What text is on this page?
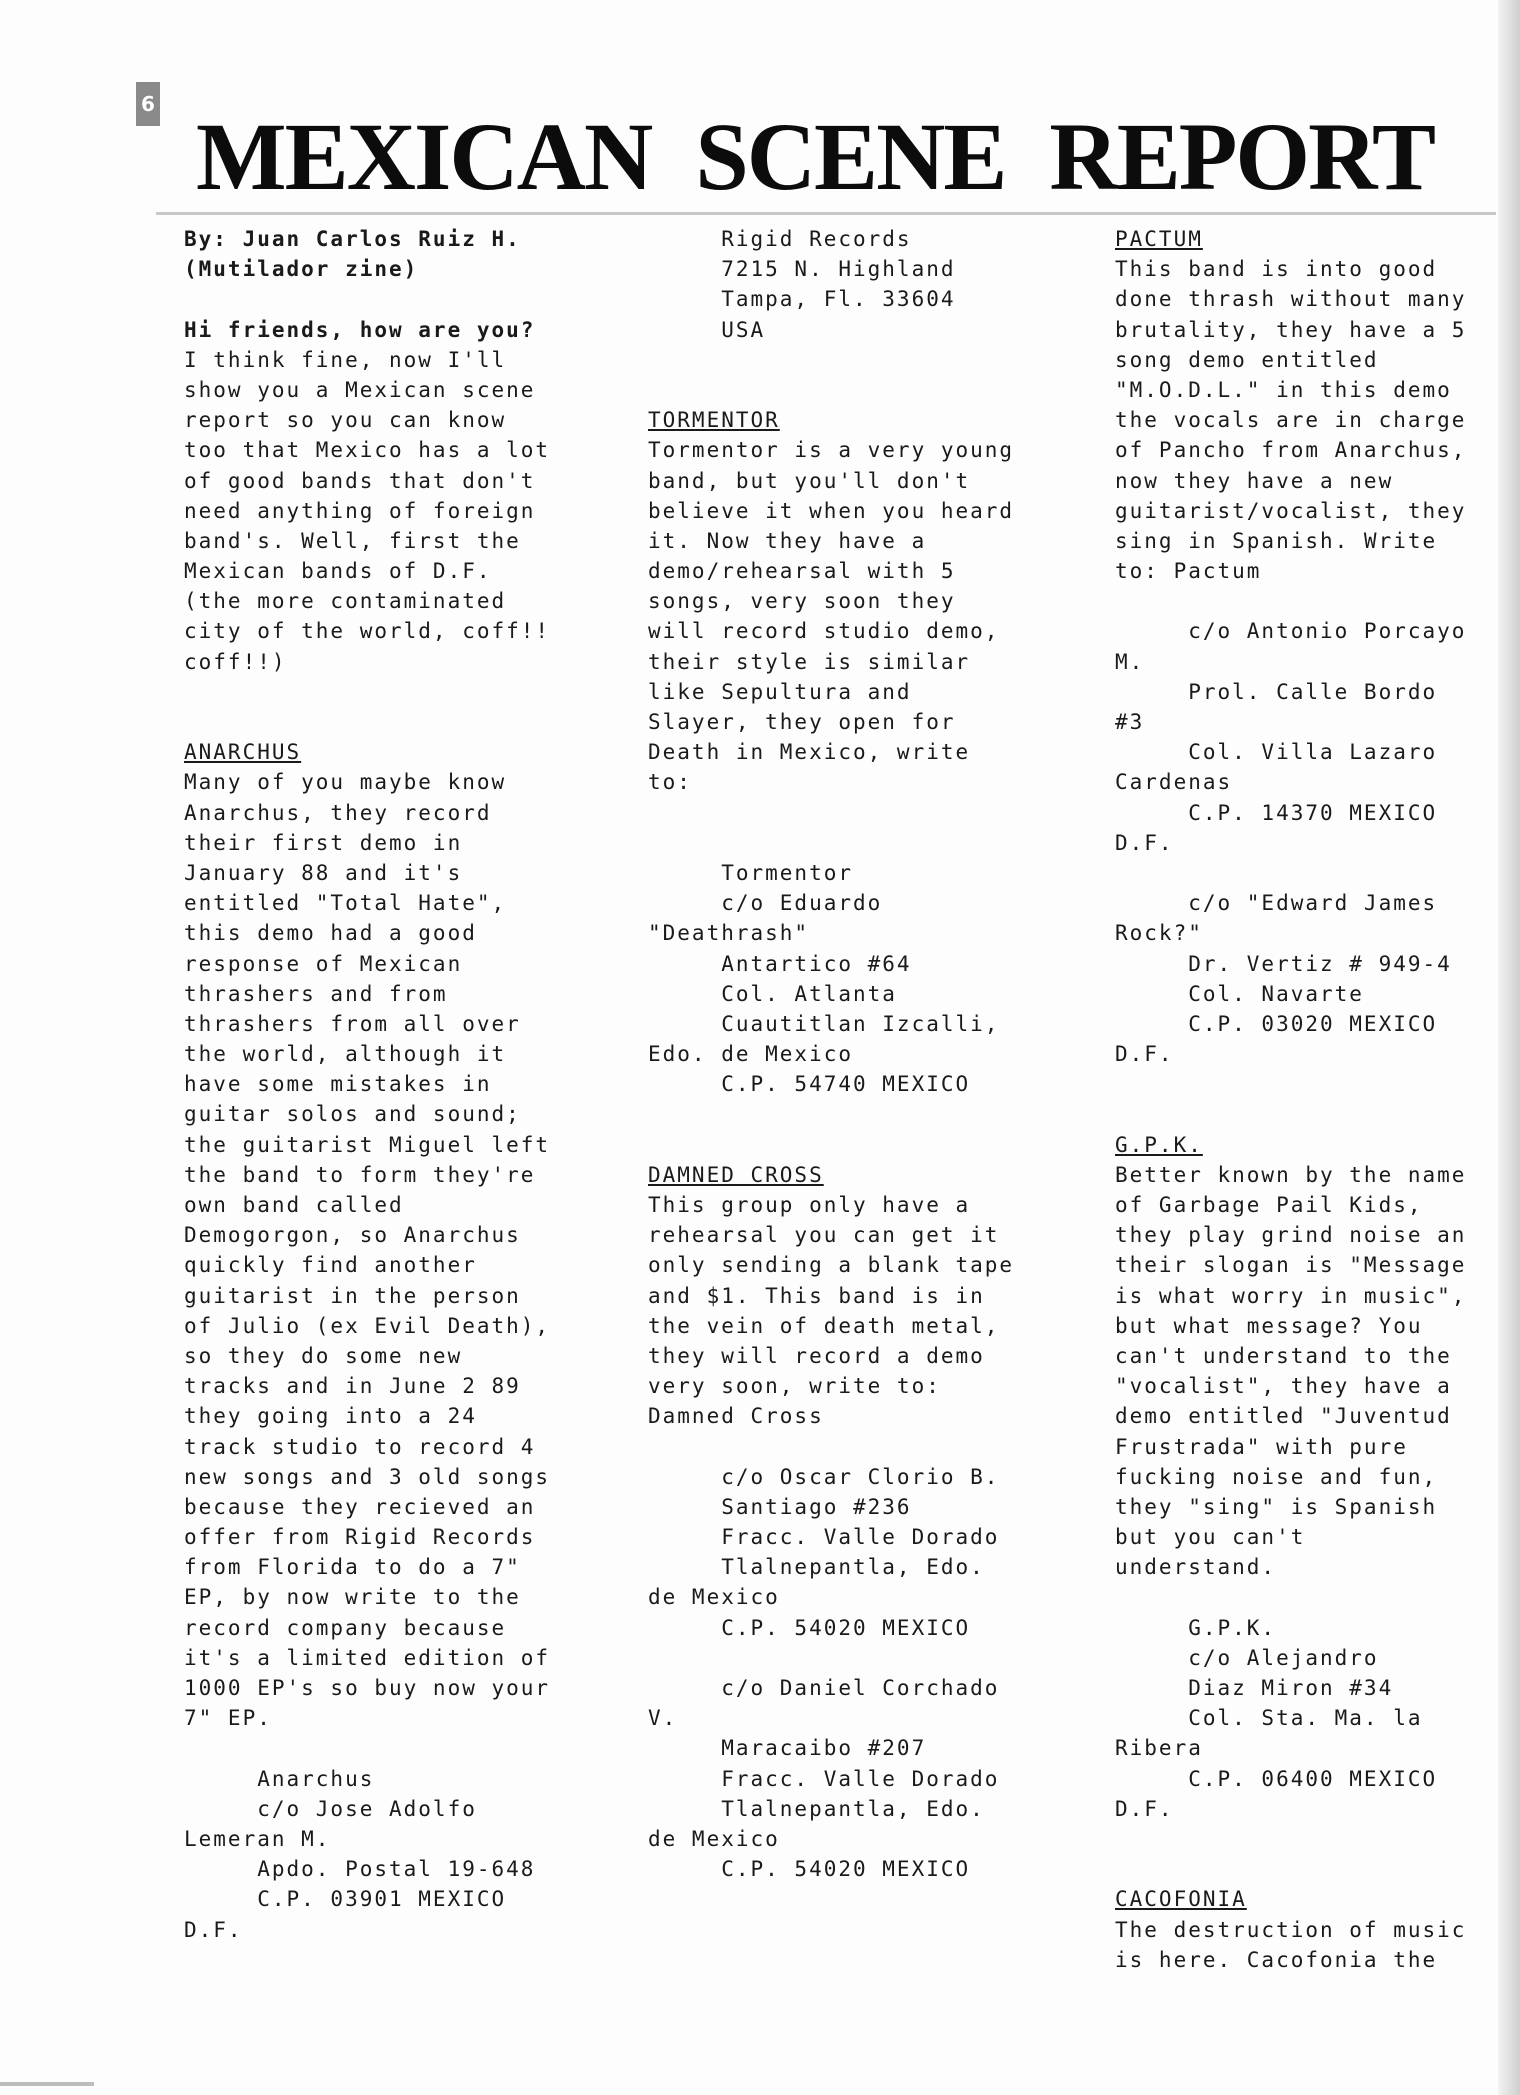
6 MEXICAN  SCENE  REPORT
By: Juan Carlos Ruiz H.
(Mutilador zine)
Hi friends, how are you?
I think fine, now I'll
show you a Mexican scene
report so you can know
too that Mexico has a lot
of good bands that don't
need anything of foreign
band's. Well, first the
Mexican bands of D.F.
(the more contaminated
city of the world, coff!!
coff!!)
ANARCHUS
Many of you maybe know
Anarchus, they record
their first demo in
January 88 and it's
entitled "Total Hate",
this demo had a good
response of Mexican
thrashers and from
thrashers from all over
the world, although it
have some mistakes in
guitar solos and sound;
the guitarist Miguel left
the band to form they're
own band called
Demogorgon, so Anarchus
quickly find another
guitarist in the person
of Julio (ex Evil Death),
so they do some new
tracks and in June 2 89
they going into a 24
track studio to record 4
new songs and 3 old songs
because they recieved an
offer from Rigid Records
from Florida to do a 7"
EP, by now write to the
record company because
it's a limited edition of
1000 EP's so buy now your
7" EP.
Anarchus
c/o Jose Adolfo
Lemeran M.
Apdo. Postal 19-648
C.P. 03901 MEXICO
D.F.
Rigid Records
7215 N. Highland
Tampa, Fl. 33604
USA
TORMENTOR
Tormentor is a very young
band, but you'll don't
believe it when you heard
it. Now they have a
demo/rehearsal with 5
songs, very soon they
will record studio demo,
their style is similar
like Sepultura and
Slayer, they open for
Death in Mexico, write
to:
Tormentor
c/o Eduardo
"Deathrash"
Antartico #64
Col. Atlanta
Cuautitlan Izcalli,
Edo. de Mexico
C.P. 54740 MEXICO
DAMNED CROSS
This group only have a
rehearsal you can get it
only sending a blank tape
and $1. This band is in
the vein of death metal,
they will record a demo
very soon, write to:
Damned Cross
c/o Oscar Clorio B.
Santiago #236
Fracc. Valle Dorado
Tlalnepantla, Edo.
de Mexico
C.P. 54020 MEXICO
c/o Daniel Corchado
V.
Maracaibo #207
Fracc. Valle Dorado
Tlalnepantla, Edo.
de Mexico
C.P. 54020 MEXICO
PACTUM
This band is into good
done thrash without many
brutality, they have a 5
song demo entitled
"M.O.D.L." in this demo
the vocals are in charge
of Pancho from Anarchus,
now they have a new
guitarist/vocalist, they
sing in Spanish. Write
to: Pactum
c/o Antonio Porcayo
M.
Prol. Calle Bordo
#3
Col. Villa Lazaro
Cardenas
C.P. 14370 MEXICO
D.F.
c/o "Edward James
Rock?"
Dr. Vertiz # 949-4
Col. Navarte
C.P. 03020 MEXICO
D.F.
G.P.K.
Better known by the name
of Garbage Pail Kids,
they play grind noise an
their slogan is "Message
is what worry in music",
but what message? You
can't understand to the
"vocalist", they have a
demo entitled "Juventud
Frustrada" with pure
fucking noise and fun,
they "sing" is Spanish
but you can't
understand.
G.P.K.
c/o Alejandro
Diaz Miron #34
Col. Sta. Ma. la
Ribera
C.P. 06400 MEXICO
D.F.
CACOFONIA
The destruction of music
is here. Cacofonia the
